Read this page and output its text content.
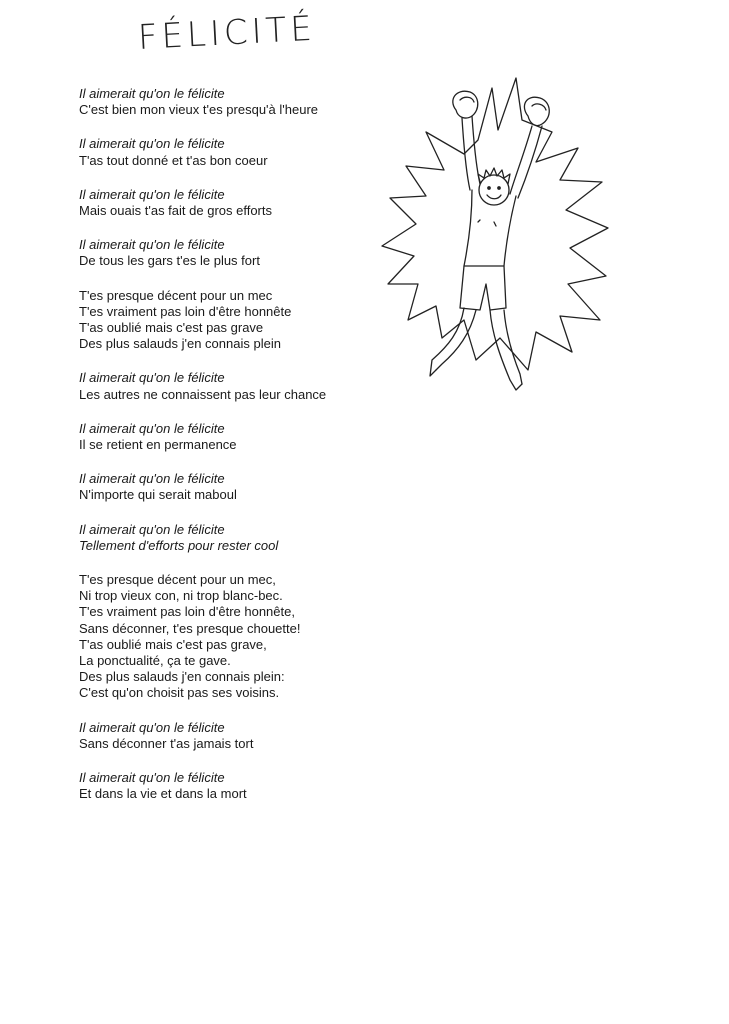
FÉLICITÉ
Il aimerait qu'on le félicite
C'est bien mon vieux t'es presqu'à l'heure
Il aimerait qu'on le félicite
T'as tout donné et t'as bon coeur
Il aimerait qu'on le félicite
Mais ouais t'as fait de gros efforts
Il aimerait qu'on le félicite
De tous les gars t'es le plus fort
T'es presque décent pour un mec
T'es vraiment pas loin d'être honnête
T'as oublié mais c'est pas grave
Des plus salauds j'en connais plein
Il aimerait qu'on le félicite
Les autres ne connaissent pas leur chance
Il aimerait qu'on le félicite
Il se retient en permanence
Il aimerait qu'on le félicite
N'importe qui serait maboul
Il aimerait qu'on le félicite
Tellement d'efforts pour rester cool
T'es presque décent pour un mec,
Ni trop vieux con, ni trop blanc-bec.
T'es vraiment pas loin d'être honnête,
Sans déconner, t'es presque chouette!
T'as oublié mais c'est pas grave,
La ponctualité, ça te gave.
Des plus salauds j'en connais plein:
C'est qu'on choisit pas ses voisins.
Il aimerait qu'on le félicite
Sans déconner t'as jamais tort
Il aimerait qu'on le félicite
Et dans la vie et dans la mort
